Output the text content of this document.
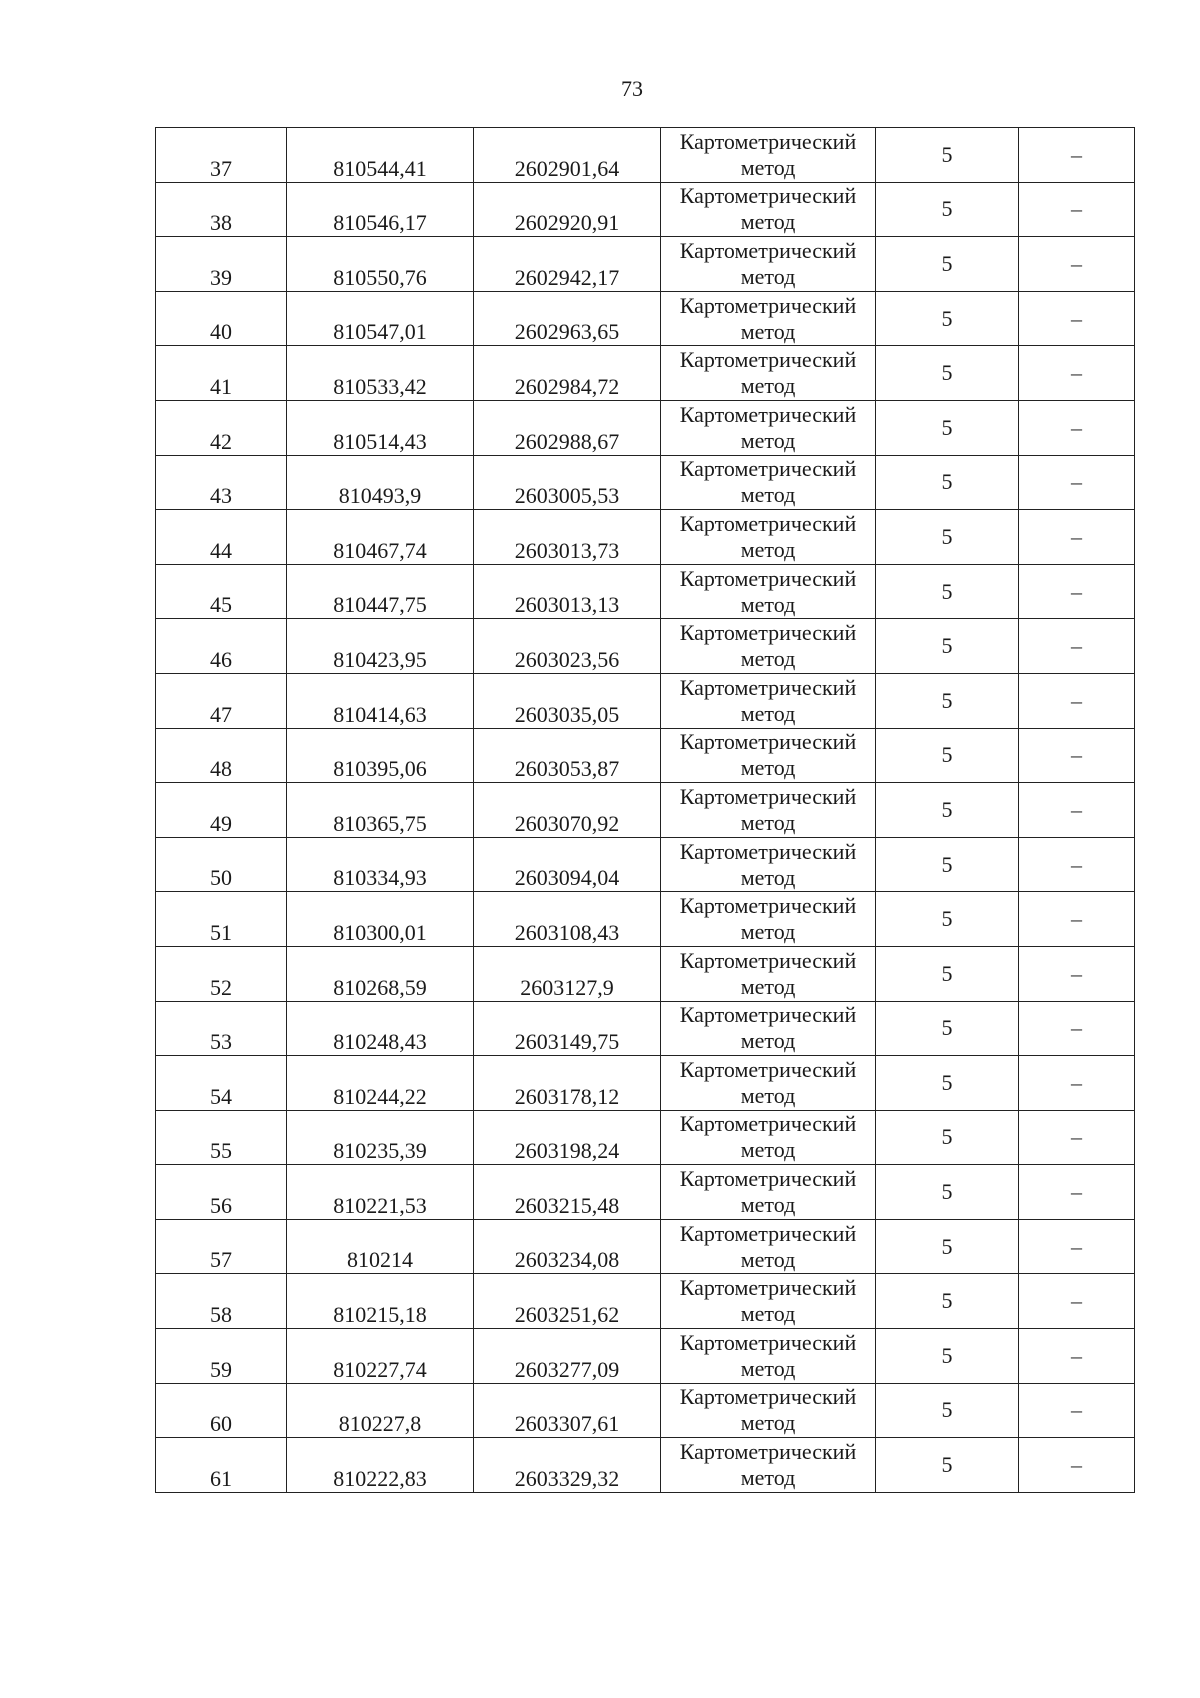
73
37	810544,41	2602901,64	Картометрический
метод	5	–
38	810546,17	2602920,91	Картометрический
метод	5	–
39	810550,76	2602942,17	Картометрический
метод	5	–
40	810547,01	2602963,65	Картометрический
метод	5	–
41	810533,42	2602984,72	Картометрический
метод	5	–
42	810514,43	2602988,67	Картометрический
метод	5	–
43	810493,9	2603005,53	Картометрический
метод	5	–
44	810467,74	2603013,73	Картометрический
метод	5	–
45	810447,75	2603013,13	Картометрический
метод	5	–
46	810423,95	2603023,56	Картометрический
метод	5	–
47	810414,63	2603035,05	Картометрический
метод	5	–
48	810395,06	2603053,87	Картометрический
метод	5	–
49	810365,75	2603070,92	Картометрический
метод	5	–
50	810334,93	2603094,04	Картометрический
метод	5	–
51	810300,01	2603108,43	Картометрический
метод	5	–
52	810268,59	2603127,9	Картометрический
метод	5	–
53	810248,43	2603149,75	Картометрический
метод	5	–
54	810244,22	2603178,12	Картометрический
метод	5	–
55	810235,39	2603198,24	Картометрический
метод	5	–
56	810221,53	2603215,48	Картометрический
метод	5	–
57	810214	2603234,08	Картометрический
метод	5	–
58	810215,18	2603251,62	Картометрический
метод	5	–
59	810227,74	2603277,09	Картометрический
метод	5	–
60	810227,8	2603307,61	Картометрический
метод	5	–
61	810222,83	2603329,32	Картометрический
метод	5	–
